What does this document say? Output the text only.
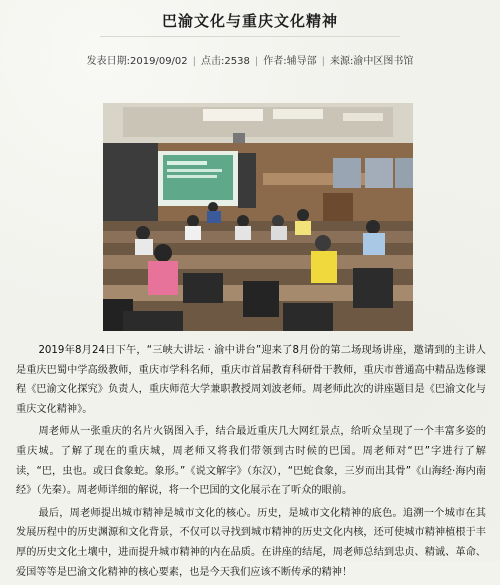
巴渝文化与重庆文化精神
发表日期:2019/09/02 | 点击:2538 | 作者:辅导部 | 来源:渝中区图书馆

2019年8月24日下午，“三峡大讲坛 · 渝中讲台”迎来了8月份的第二场现场讲座，邀请到的主讲人是重庆巴蜀中学高级教师，重庆市学科名师，重庆市首届教育科研骨干教师，重庆市普通高中精品选修课程《巴渝文化探究》负责人，重庆师范大学兼职教授周刘波老师。周老师此次的讲座题目是《巴渝文化与重庆文化精神》。

周老师从一张重庆的名片火锅图入手，结合最近重庆几大网红景点，给听众呈现了一个丰富多姿的重庆城。了解了现在的重庆城，周老师又将我们带领到古时候的巴国。周老师对“巴”字进行了解读，“巴，虫也。或曰食象蛇。象形。”《说文解字》（东汉），“巴蛇食象，三岁而出其骨”《山海经·海内南经》（先秦）。周老师详细的解说，将一个巴国的文化展示在了听众的眼前。

最后，周老师提出城市精神是城市文化的核心。历史，是城市文化精神的底色。追溯一个城市在其发展历程中的历史渊源和文化背景，不仅可以寻找到城市精神的历史文化内核，还可使城市精神植根于丰厚的历史文化土壤中，进而提升城市精神的内在品质。在讲座的结尾，周老师总结到忠贞、精诚、革命、爱国等等是巴渝文化精神的核心要素，也是今天我们应该不断传承的精神！
